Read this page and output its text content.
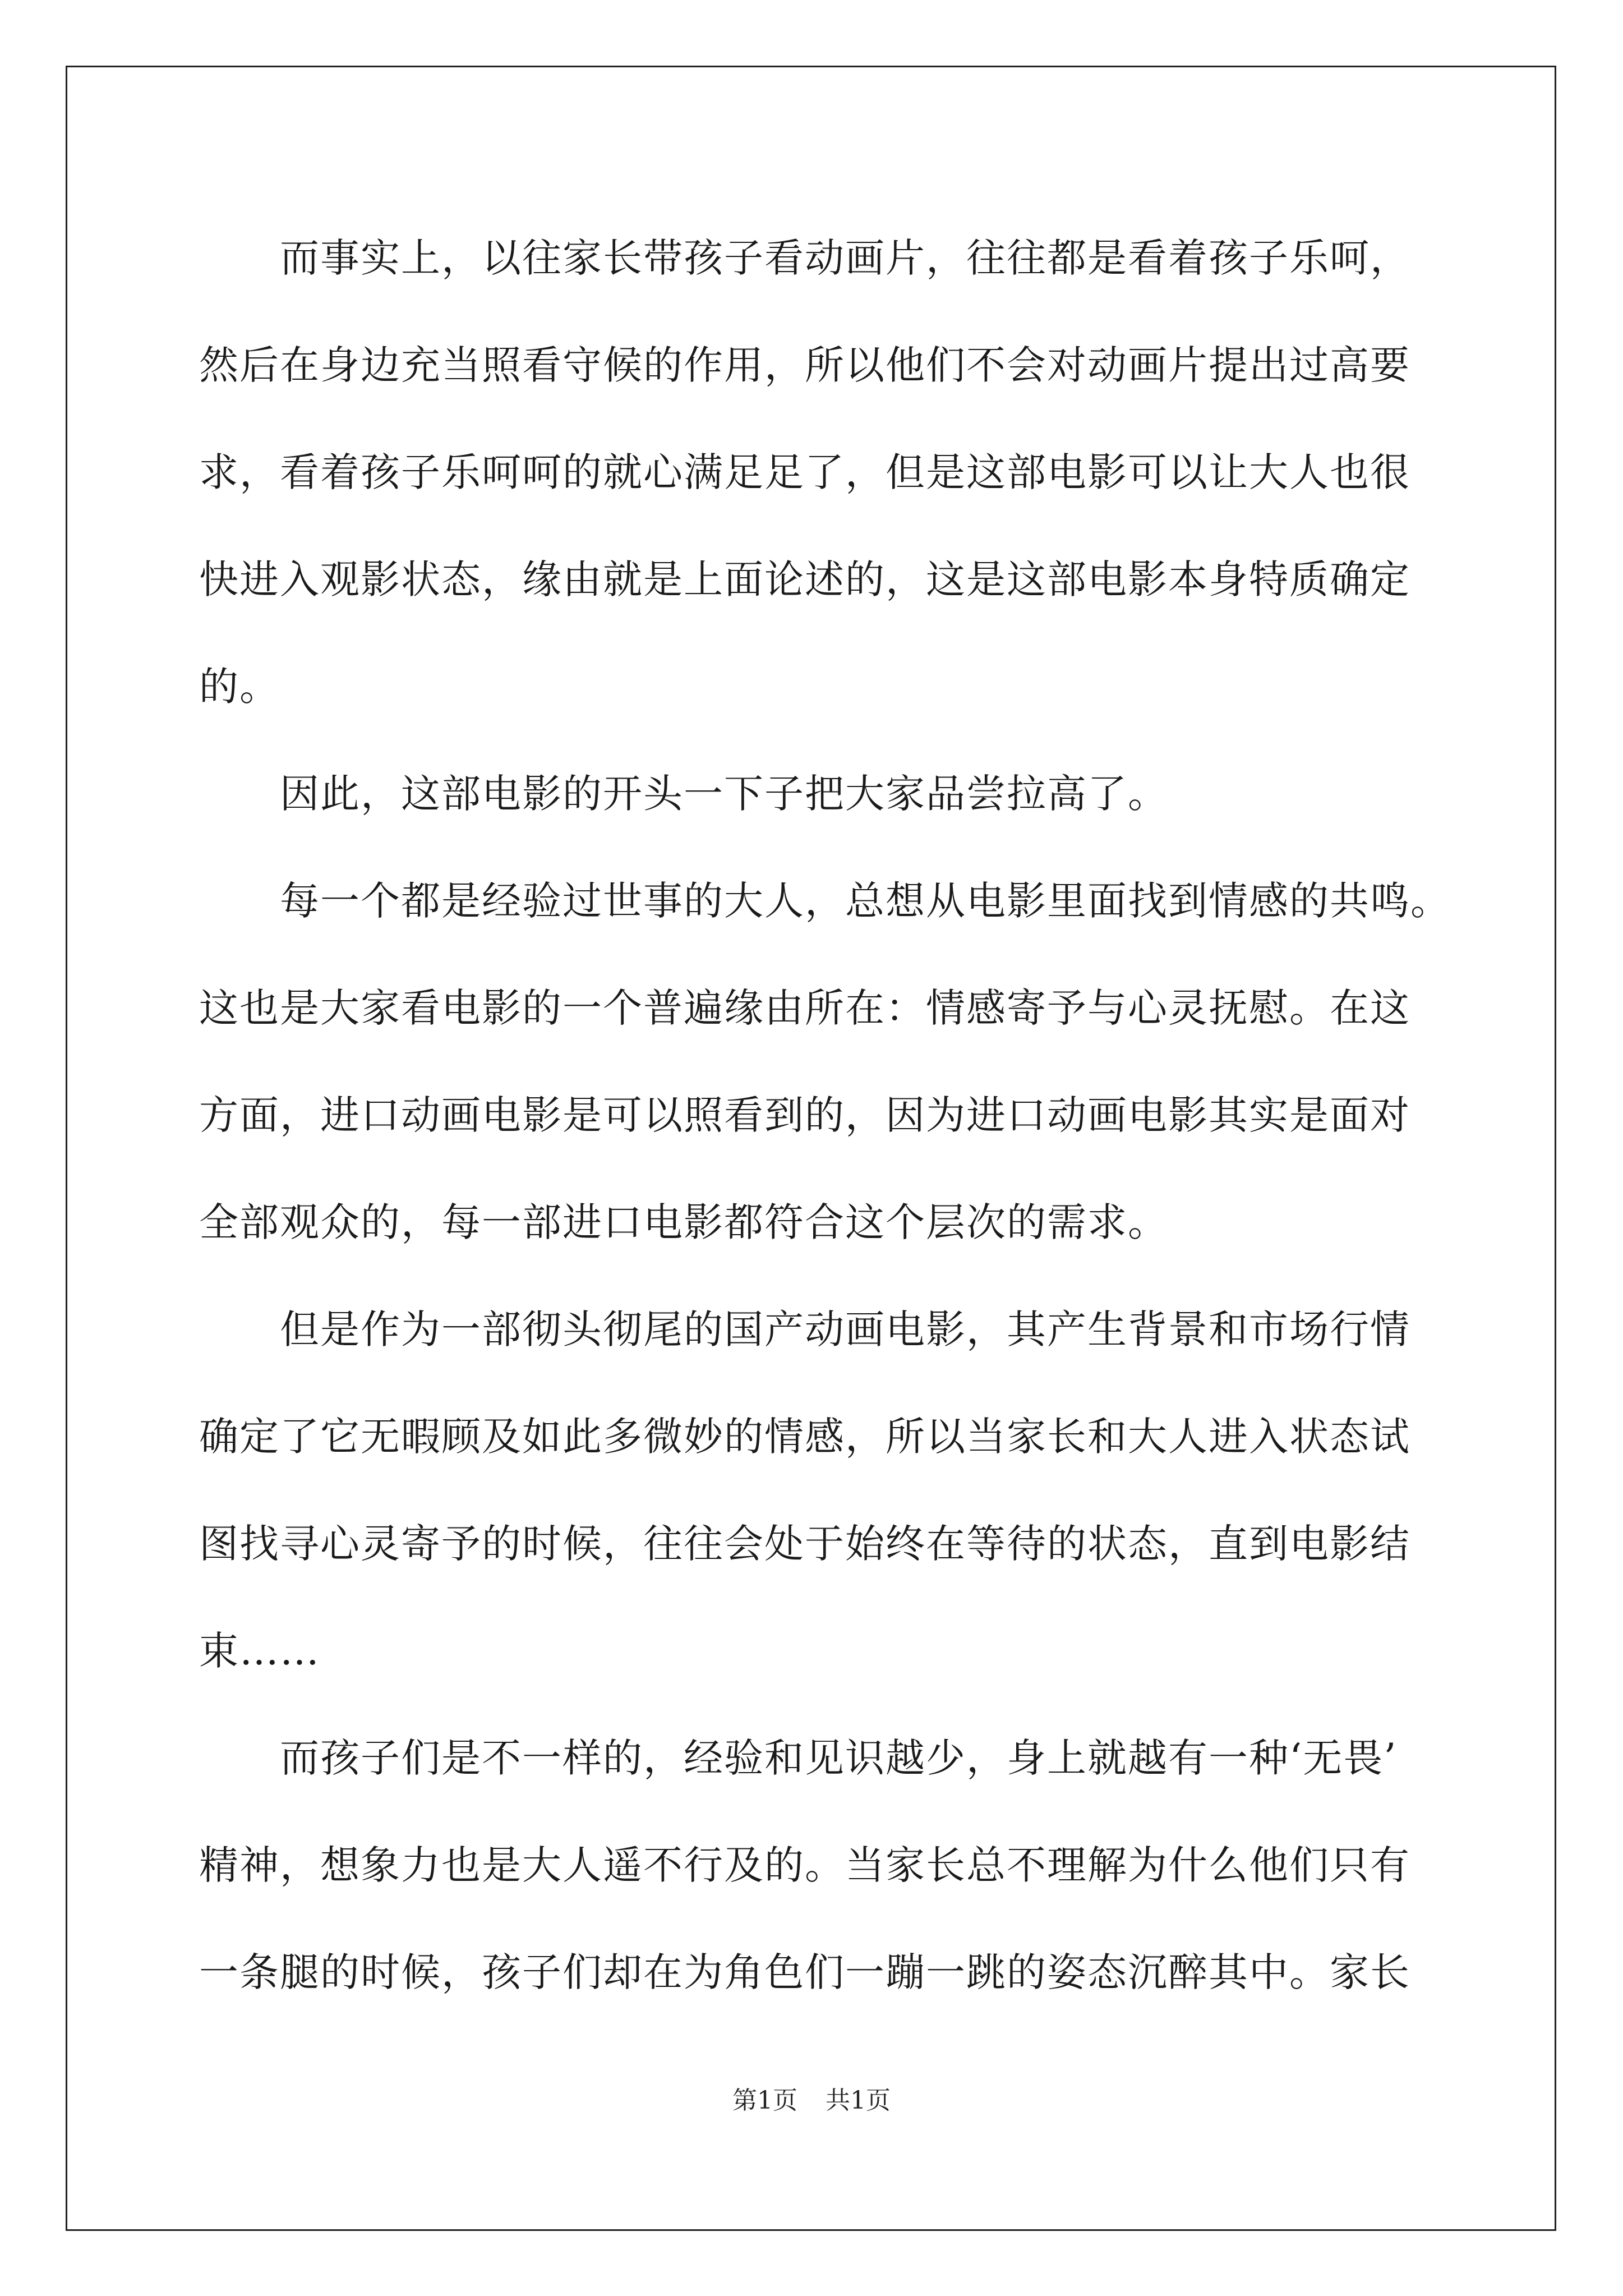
　　而事实上，以往家长带孩子看动画片，往往都是看着孩子乐呵，
然后在身边充当照看守候的作用，所以他们不会对动画片提出过高要
求，看着孩子乐呵呵的就心满足足了，但是这部电影可以让大人也很
快进入观影状态，缘由就是上面论述的，这是这部电影本身特质确定
的。
　　因此，这部电影的开头一下子把大家品尝拉高了。
　　每一个都是经验过世事的大人，总想从电影里面找到情感的共鸣。
这也是大家看电影的一个普遍缘由所在：情感寄予与心灵抚慰。在这
方面，进口动画电影是可以照看到的，因为进口动画电影其实是面对
全部观众的，每一部进口电影都符合这个层次的需求。
　　但是作为一部彻头彻尾的国产动画电影，其产生背景和市场行情
确定了它无暇顾及如此多微妙的情感，所以当家长和大人进入状态试
图找寻心灵寄予的时候，往往会处于始终在等待的状态，直到电影结
束……
　　而孩子们是不一样的，经验和见识越少，身上就越有一种‘无畏’
精神，想象力也是大人遥不行及的。当家长总不理解为什么他们只有
一条腿的时候，孩子们却在为角色们一蹦一跳的姿态沉醉其中。家长
第1页 共1页
